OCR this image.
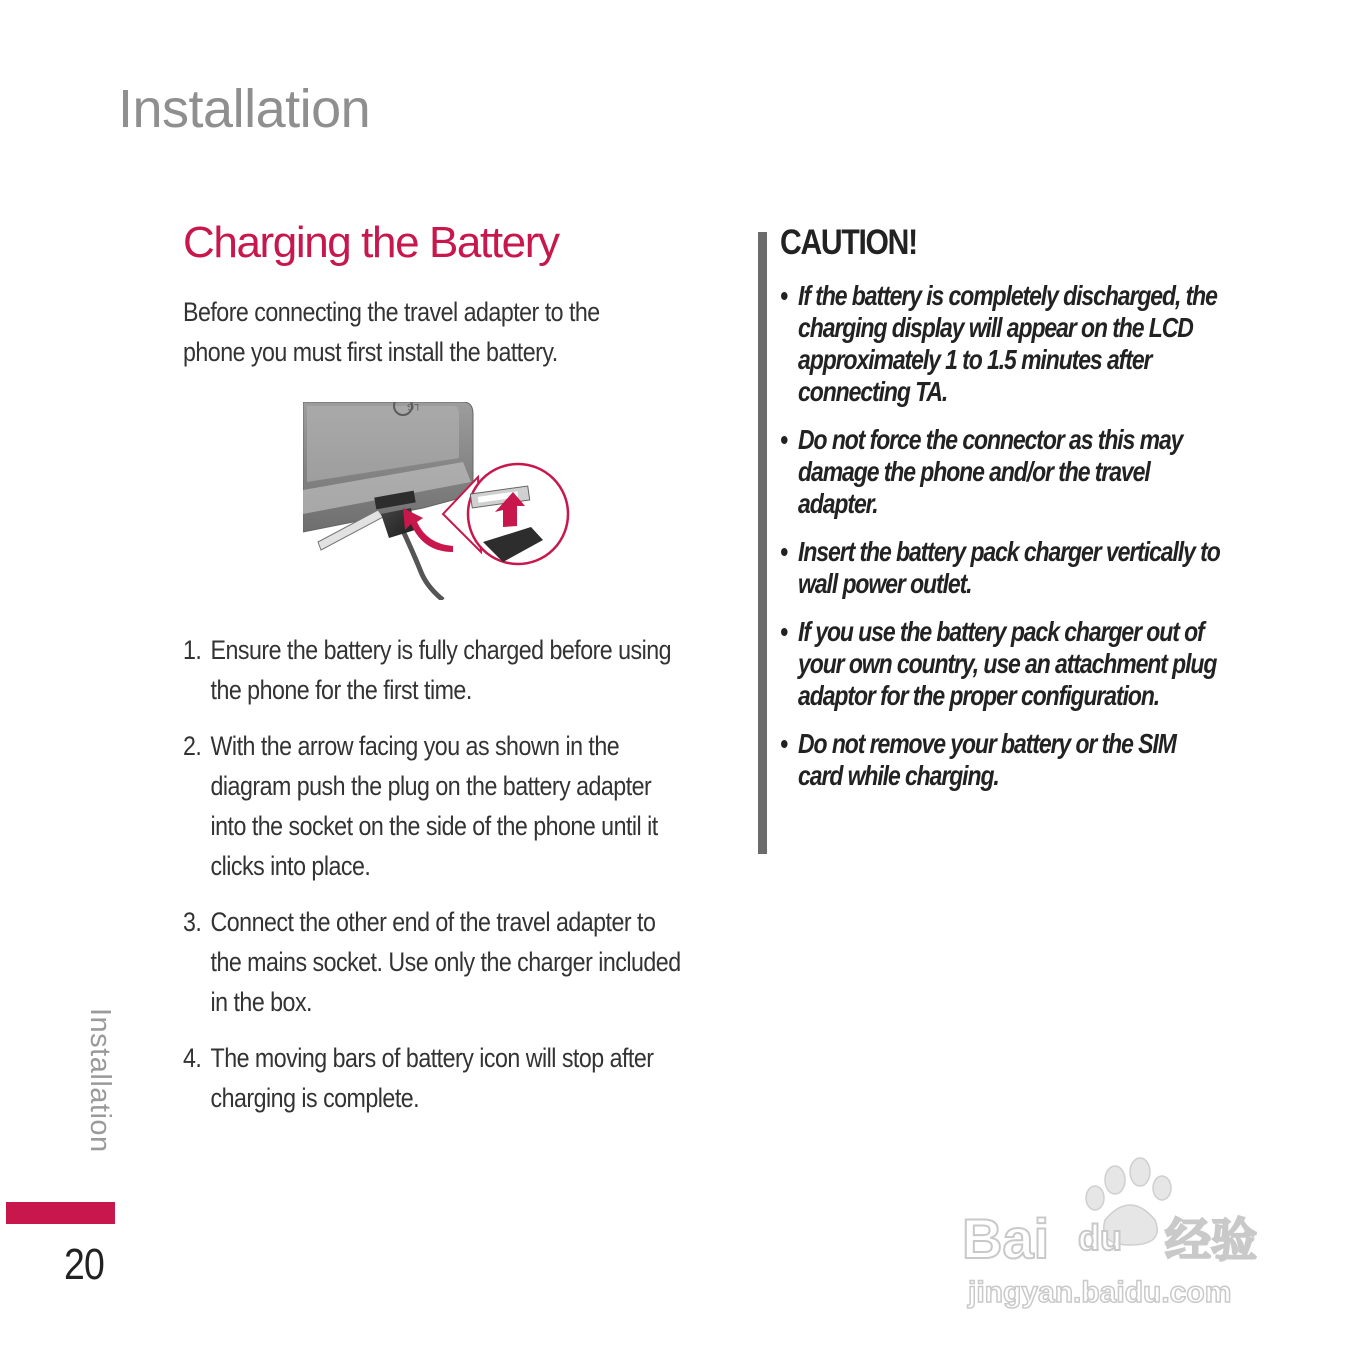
Installation
Charging the Battery

Before connecting the travel adapter to the phone you must first install the battery.

LG
1. Ensure the battery is fully charged before using the phone for the first time.
2. With the arrow facing you as shown in the diagram push the plug on the battery adapter into the socket on the side of the phone until it clicks into place.
3. Connect the other end of the travel adapter to the mains socket. Use only the charger included in the box.
4. The moving bars of battery icon will stop after charging is complete.
CAUTION!
• If the battery is completely discharged, the charging display will appear on the LCD approximately 1 to 1.5 minutes after connecting TA.
• Do not force the connector as this may damage the phone and/or the travel adapter.
• Insert the battery pack charger vertically to wall power outlet.
• If you use the battery pack charger out of your own country, use an attachment plug adaptor for the proper configuration.
• Do not remove your battery or the SIM card while charging.
Installation
20	Bai du 经验
jingyan.baidu.com
